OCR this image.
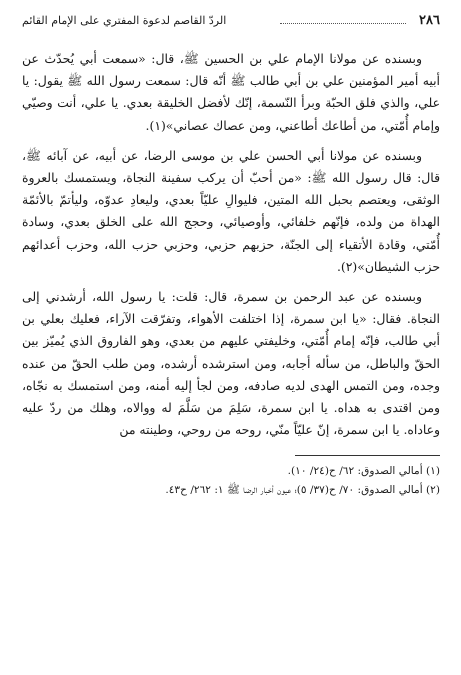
٢٨٦
الردّ القاصم لدعوة المفتري على الإمام القائم

وبسنده عن مولانا الإمام علي بن الحسين ﷺ، قال: «سمعت أبي يُحدّث عن أبيه أمير المؤمنين علي بن أبي طالب ﷺ أنّه قال: سمعت رسول الله ﷺ يقول: يا علي، والذي فلق الحبّة وبرأ النّسمة، إنّك لأفضل الخليقة بعدي. يا علي، أنت وصيّي وإمام أُمّتي، من أطاعك أطاعني، ومن عصاك عصاني»(١).

وبسنده عن مولانا أبي الحسن علي بن موسى الرضا، عن أبيه، عن آبائه ﷺ، قال: قال رسول الله ﷺ: «من أحبّ أن يركب سفينة النجاة، ويستمسك بالعروة الوثقى، ويعتصم بحبل الله المتين، فليوالِ عليّاً بعدي، وليعادِ عدوّه، وليأتمّ بالأئمّة الهداة من ولده، فإنّهم خلفائي، وأوصيائي، وحجج الله على الخلق بعدي، وسادة أُمّتي، وقادة الأتقياء إلى الجنّة، حزبهم حزبي، وحزبي حزب الله، وحزب أعدائهم حزب الشيطان»(٢).

وبسنده عن عبد الرحمن بن سمرة، قال: قلت: يا رسول الله، أرشدني إلى النجاة. فقال: «يا ابن سمرة، إذا اختلفت الأهواء، وتفرّقت الآراء، فعليك بعلي بن أبي طالب، فإنّه إمام أُمّتي، وخليفتي عليهم من بعدي، وهو الفاروق الذي يُميّز بين الحقّ والباطل، من سأله أجابه، ومن استرشده أرشده، ومن طلب الحقّ من عنده وجده، ومن التمس الهدى لديه صادفه، ومن لجأ إليه أمنه، ومن استمسك به نجّاه، ومن اقتدى به هداه. يا ابن سمرة، سَلِمَ من سَلَّمَ له ووالاه، وهلك من ردّ عليه وعاداه. يا ابن سمرة، إنّ عليّاً منّي، روحه من روحي، وطينته من

(١) أمالي الصدوق: ٦٢/ ح(٢٤/ ١٠).

(٢) أمالي الصدوق: ٧٠/ ح(٣٧/ ٥)؛ عيون أخبار الرضا ﷺ ١: ٢٦٢/ ح٤٣.
